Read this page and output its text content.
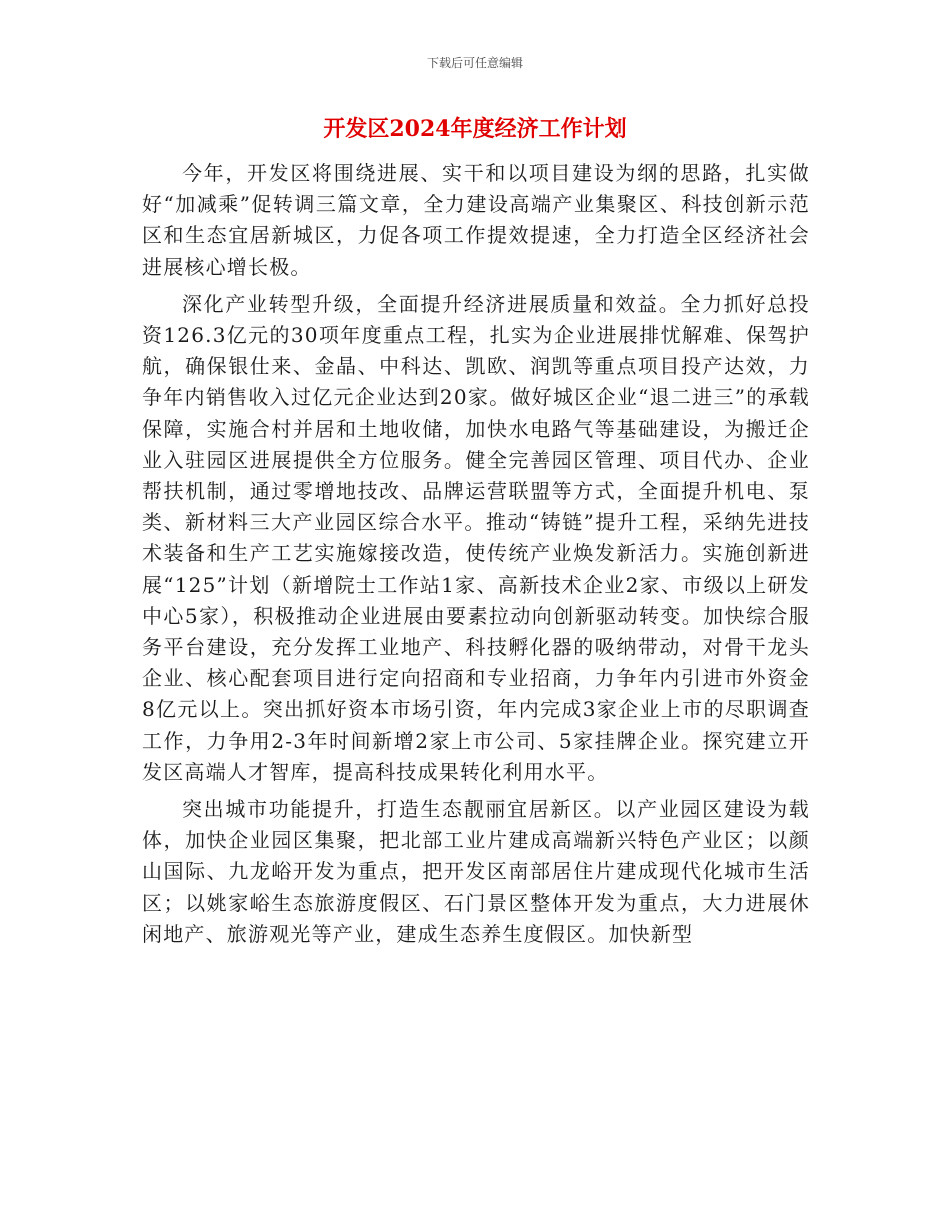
下载后可任意编辑
开发区2024年度经济工作计划

今年，开发区将围绕进展、实干和以项目建设为纲的思路，扎实做好“加减乘”促转调三篇文章，全力建设高端产业集聚区、科技创新示范区和生态宜居新城区，力促各项工作提效提速，全力打造全区经济社会进展核心增长极。

深化产业转型升级，全面提升经济进展质量和效益。全力抓好总投资126.3亿元的30项年度重点工程，扎实为企业进展排忧解难、保驾护航，确保银仕来、金晶、中科达、凯欧、润凯等重点项目投产达效，力争年内销售收入过亿元企业达到20家。做好城区企业“退二进三”的承载保障，实施合村并居和土地收储，加快水电路气等基础建设，为搬迁企业入驻园区进展提供全方位服务。健全完善园区管理、项目代办、企业帮扶机制，通过零增地技改、品牌运营联盟等方式，全面提升机电、泵类、新材料三大产业园区综合水平。推动“铸链”提升工程，采纳先进技术装备和生产工艺实施嫁接改造，使传统产业焕发新活力。实施创新进展“125”计划（新增院士工作站1家、高新技术企业2家、市级以上研发中心5家），积极推动企业进展由要素拉动向创新驱动转变。加快综合服务平台建设，充分发挥工业地产、科技孵化器的吸纳带动，对骨干龙头企业、核心配套项目进行定向招商和专业招商，力争年内引进市外资金8亿元以上。突出抓好资本市场引资，年内完成3家企业上市的尽职调查工作，力争用2-3年时间新增2家上市公司、5家挂牌企业。探究建立开发区高端人才智库，提高科技成果转化利用水平。

突出城市功能提升，打造生态靓丽宜居新区。以产业园区建设为载体，加快企业园区集聚，把北部工业片建成高端新兴特色产业区；以颜山国际、九龙峪开发为重点，把开发区南部居住片建成现代化城市生活区；以姚家峪生态旅游度假区、石门景区整体开发为重点，大力进展休闲地产、旅游观光等产业，建成生态养生度假区。加快新型
